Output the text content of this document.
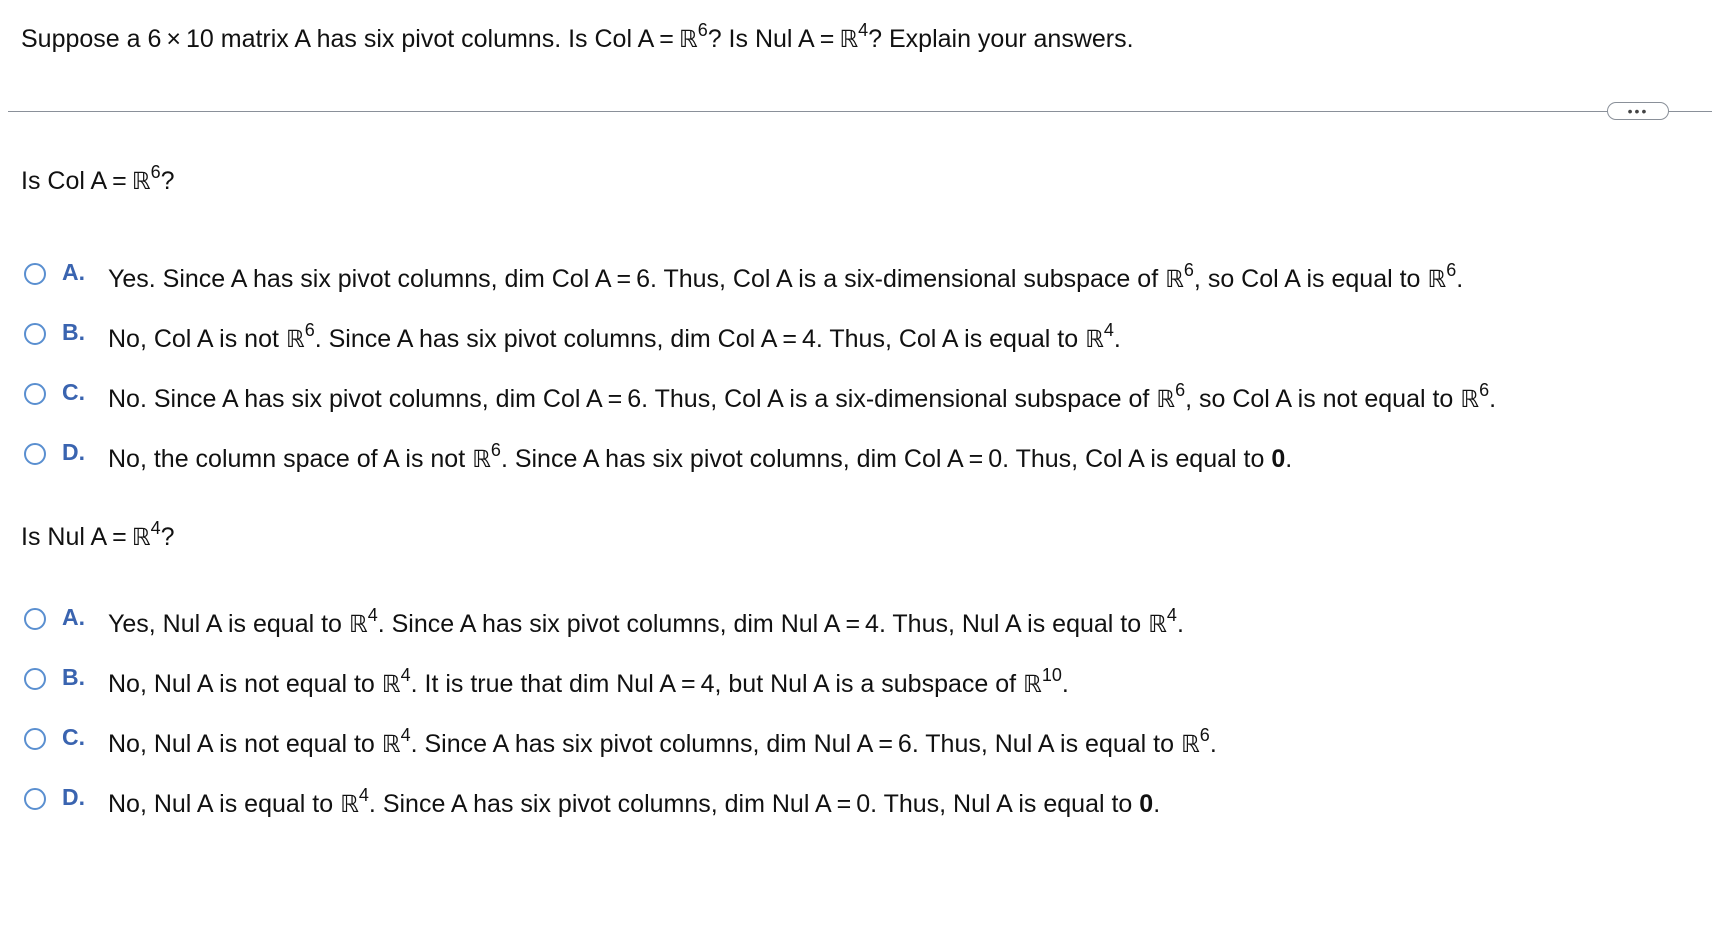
Suppose a 6 × 10 matrix A has six pivot columns. Is Col A = ℝ$^6$? Is Nul A = ℝ$^4$? Explain your answers.
•••
Is Col A = ℝ$^6$?
A. Yes. Since A has six pivot columns, dim Col A = 6. Thus, Col A is a six-dimensional subspace of ℝ$^6$, so Col A is equal to ℝ$^6$.
B. No, Col A is not ℝ$^6$. Since A has six pivot columns, dim Col A = 4. Thus, Col A is equal to ℝ$^4$.
C. No. Since A has six pivot columns, dim Col A = 6. Thus, Col A is a six-dimensional subspace of ℝ$^6$, so Col A is not equal to ℝ$^6$.
D. No, the column space of A is not ℝ$^6$. Since A has six pivot columns, dim Col A = 0. Thus, Col A is equal to 0.
Is Nul A = ℝ$^4$?
A. Yes, Nul A is equal to ℝ$^4$. Since A has six pivot columns, dim Nul A = 4. Thus, Nul A is equal to ℝ$^4$.
B. No, Nul A is not equal to ℝ$^4$. It is true that dim Nul A = 4, but Nul A is a subspace of ℝ$^{10}$.
C. No, Nul A is not equal to ℝ$^4$. Since A has six pivot columns, dim Nul A = 6. Thus, Nul A is equal to ℝ$^6$.
D. No, Nul A is equal to ℝ$^4$. Since A has six pivot columns, dim Nul A = 0. Thus, Nul A is equal to 0.
